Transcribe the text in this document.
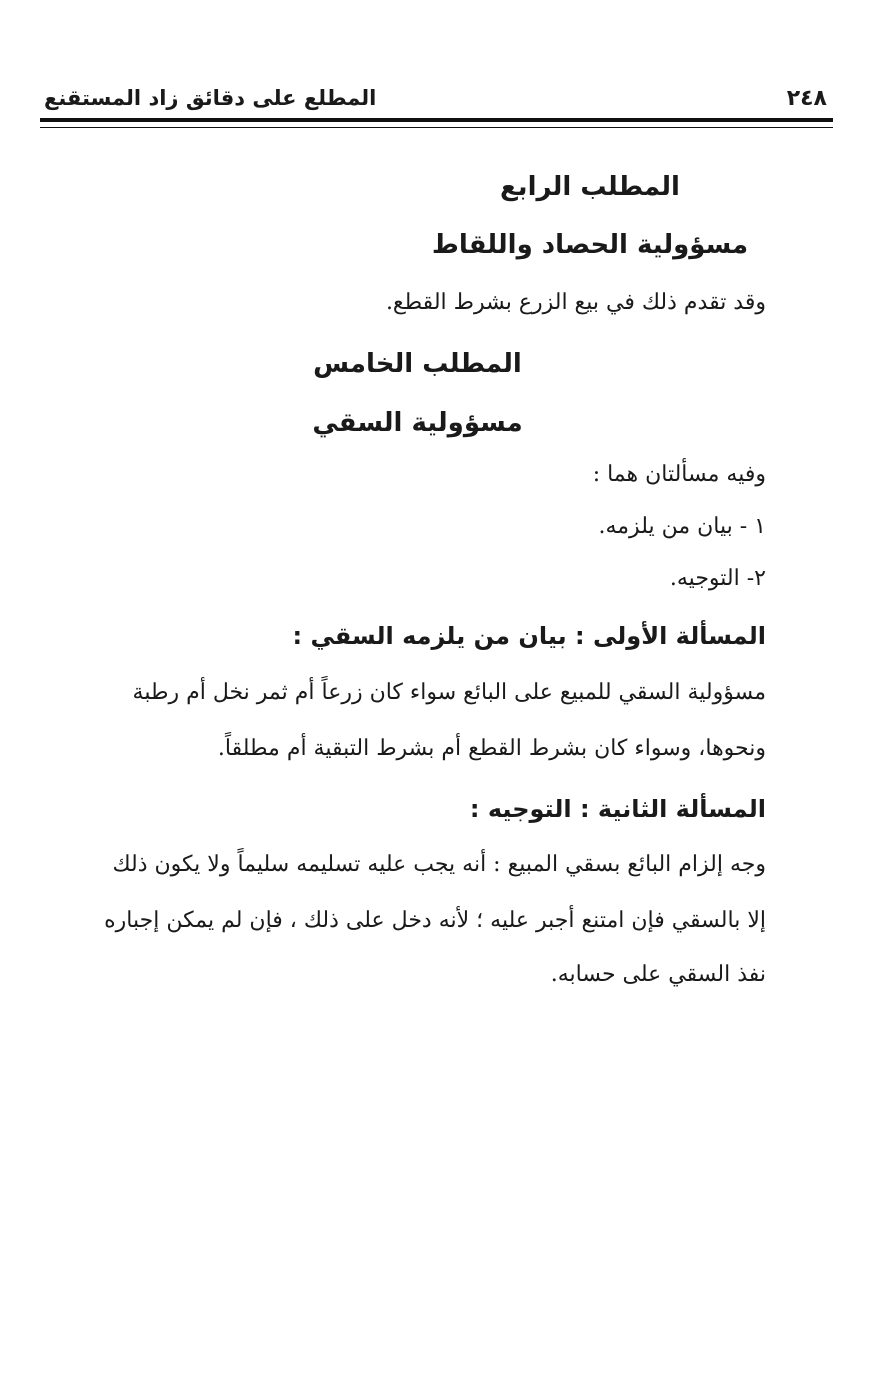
٢٤٨
المطلع على دقائق زاد المستقنع
المطلب الرابع
مسؤولية الحصاد واللقاط
وقد تقدم ذلك في بيع الزرع بشرط القطع.
المطلب الخامس
مسؤولية السقي
وفيه مسألتان هما :
١ - بيان من يلزمه.
٢- التوجيه.
المسألة الأولى : بيان من يلزمه السقي :
مسؤولية السقي للمبيع على البائع سواء كان زرعاً أم ثمر نخل أم رطبة
ونحوها، وسواء كان بشرط القطع أم بشرط التبقية أم مطلقاً.
المسألة الثانية : التوجيه :
وجه إلزام البائع بسقي المبيع : أنه يجب عليه تسليمه سليماً ولا يكون ذلك
إلا بالسقي فإن امتنع أجبر عليه ؛ لأنه دخل على ذلك ، فإن لم يمكن إجباره
نفذ السقي على حسابه.
